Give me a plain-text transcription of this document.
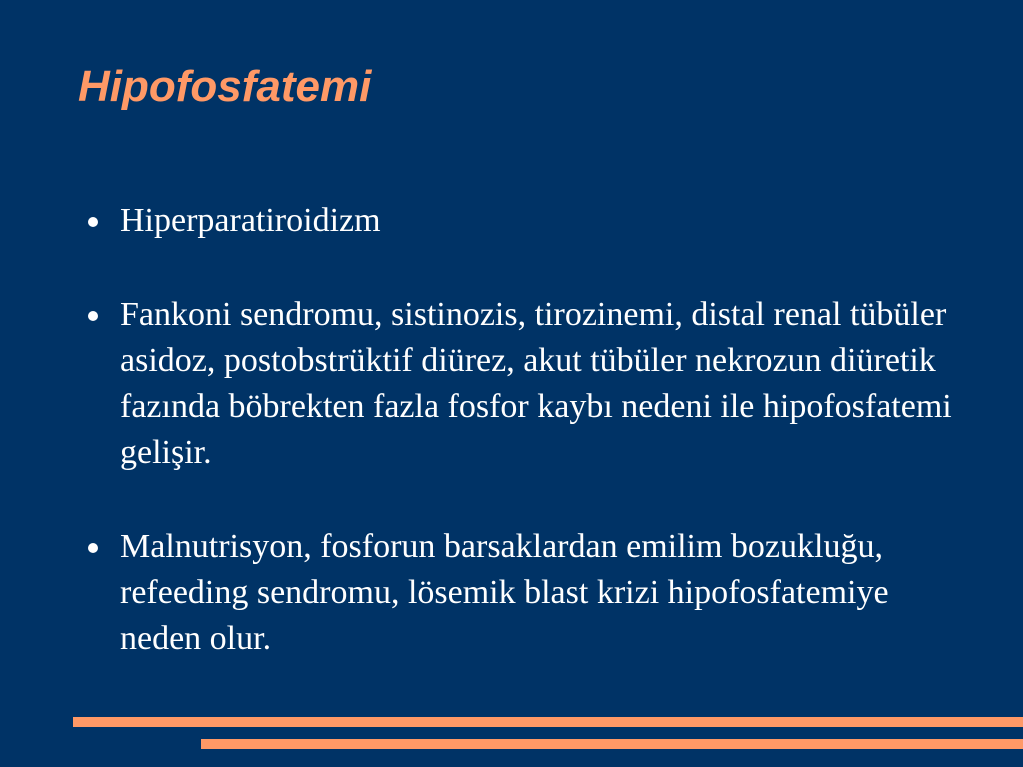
Hipofosfatemi
Hiperparatiroidizm
Fankoni sendromu, sistinozis, tirozinemi, distal renal tübüler asidoz, postobstrüktif diürez, akut tübüler nekrozun diüretik fazında böbrekten fazla fosfor kaybı nedeni ile hipofosfatemi gelişir.
Malnutrisyon, fosforun barsaklardan emilim bozukluğu, refeeding sendromu, lösemik blast krizi hipofosfatemiye neden olur.
